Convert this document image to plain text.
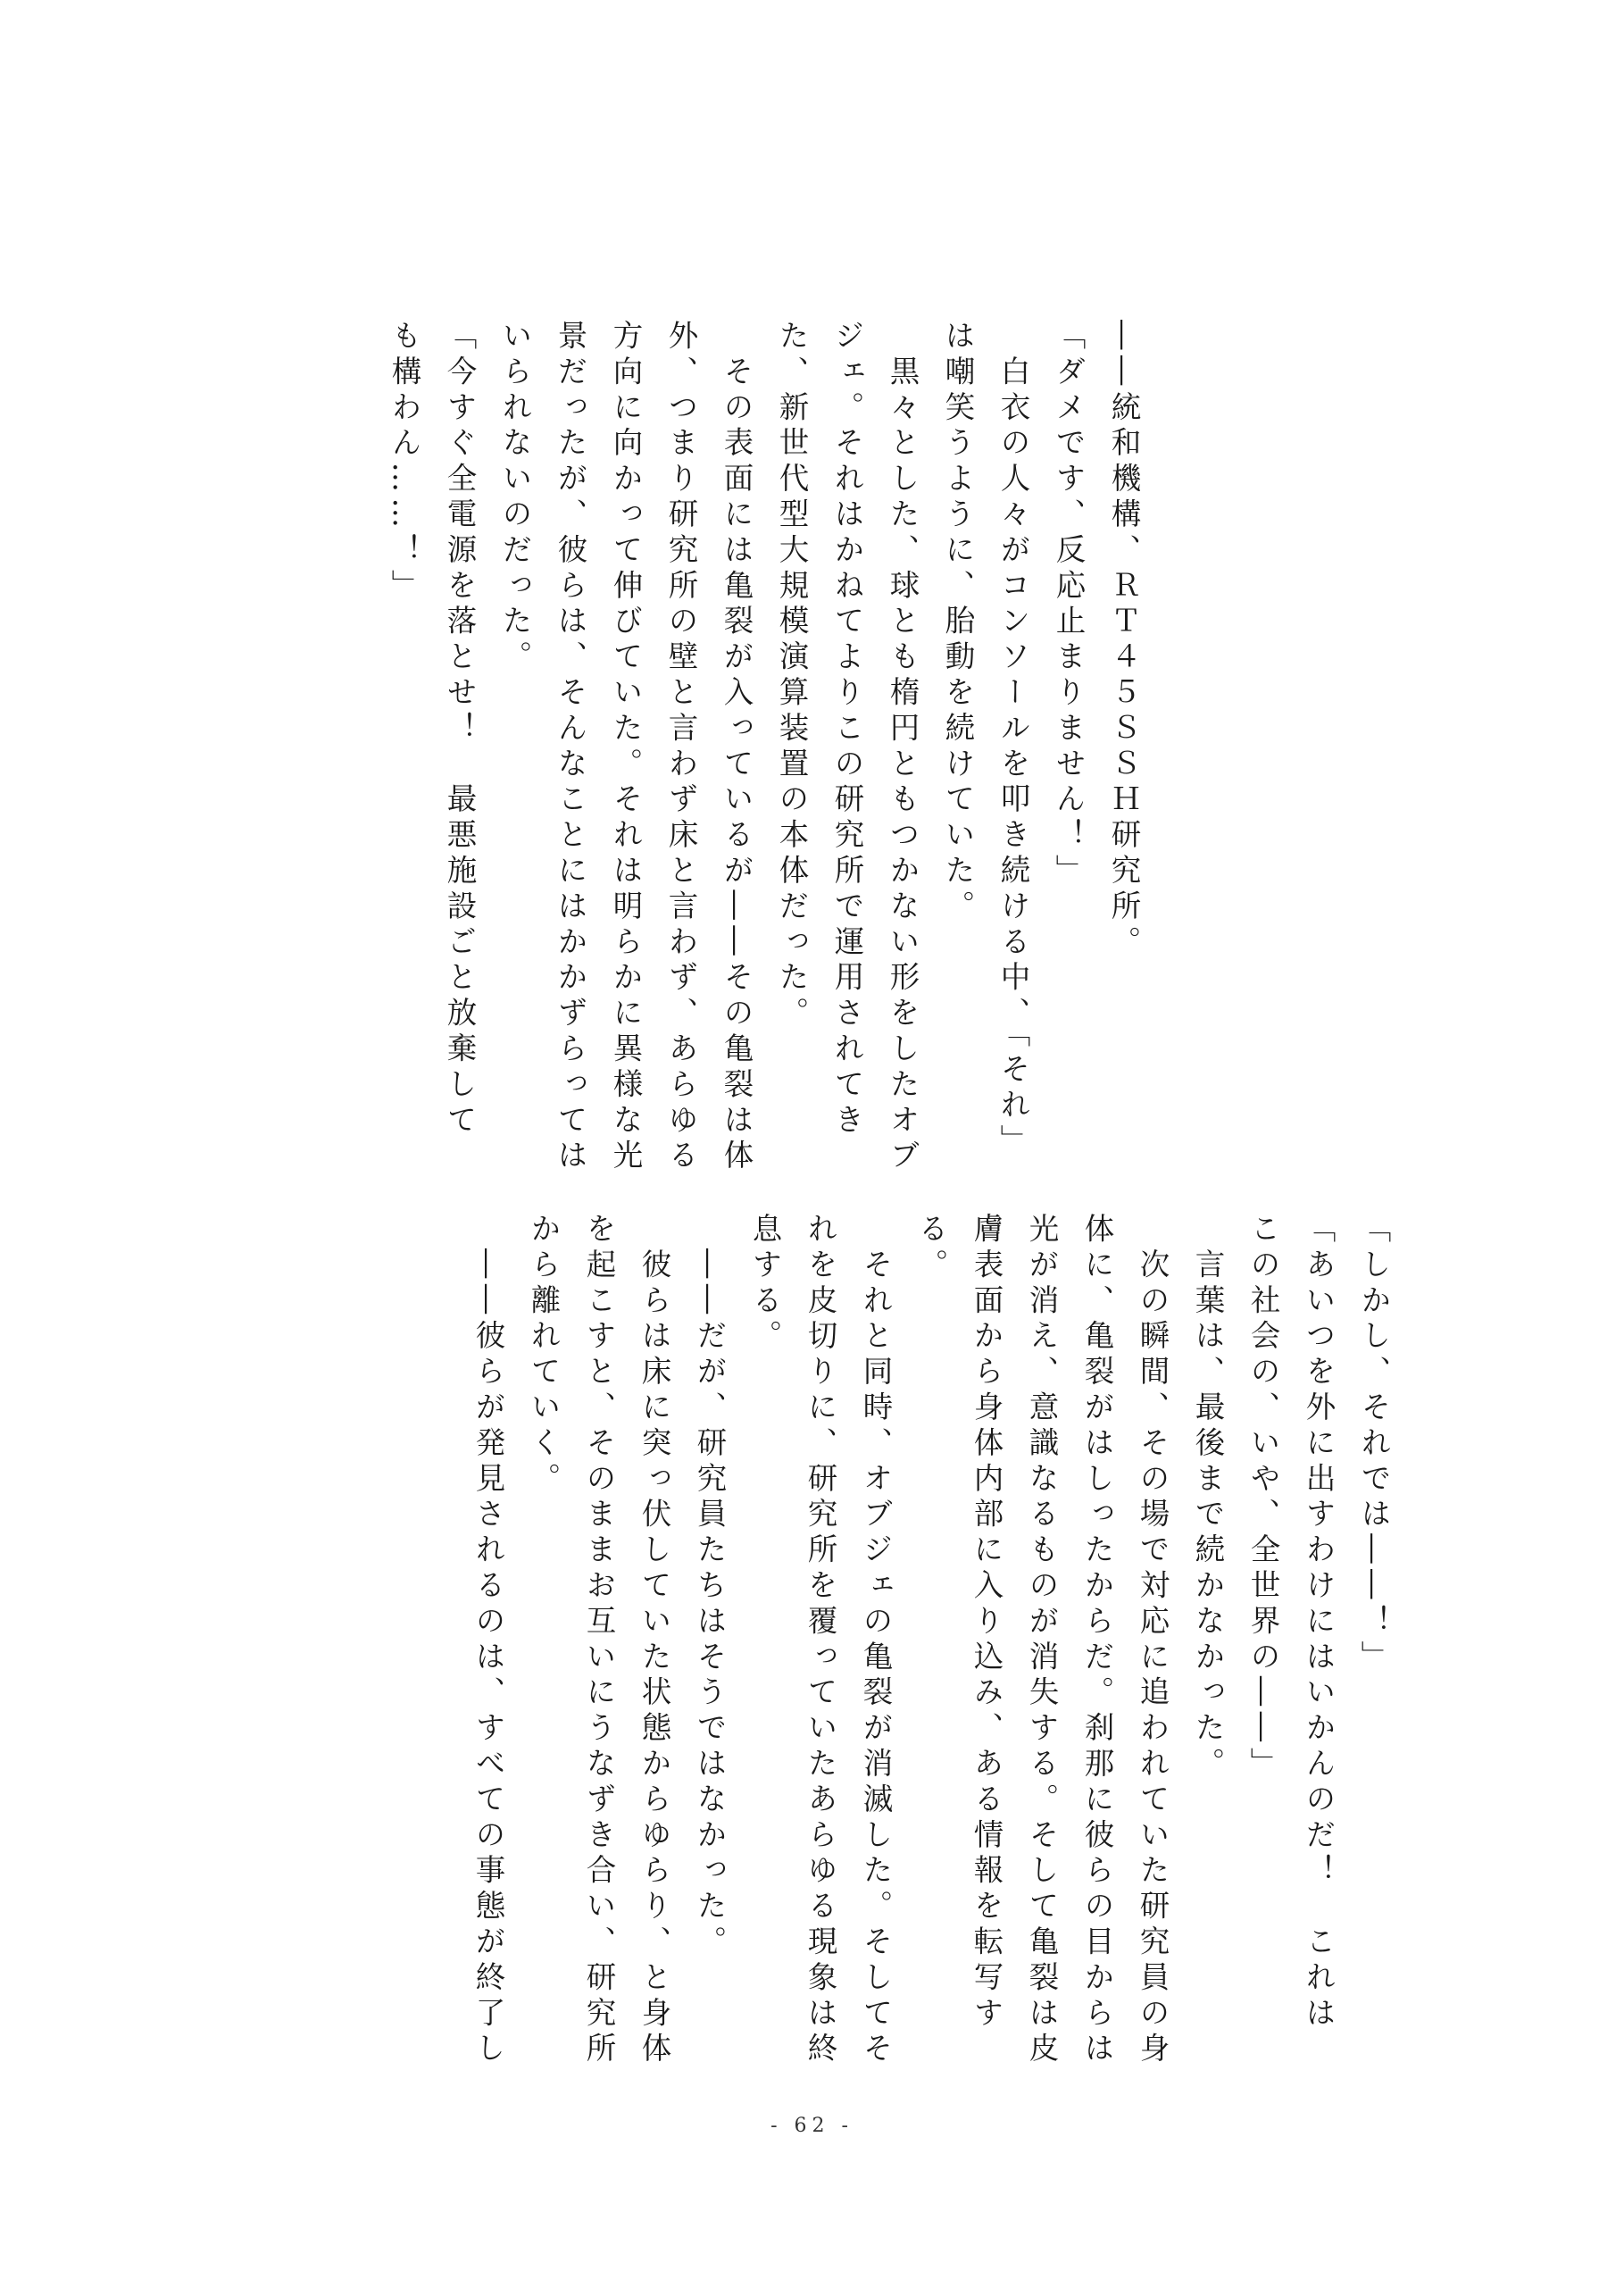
――統和機構、ＲＴ４５ＳＳＨ研究所。
「ダメです、反応止まりません！」
　白衣の人々がコンソールを叩き続ける中、「それ」
は嘲笑うように、胎動を続けていた。
　黒々とした、球とも楕円ともつかない形をしたオブ
ジェ。それはかねてよりこの研究所で運用されてき
た、新世代型大規模演算装置の本体だった。
　その表面には亀裂が入っているが――その亀裂は体
外、つまり研究所の壁と言わず床と言わず、あらゆる
方向に向かって伸びていた。それは明らかに異様な光
景だったが、彼らは、そんなことにはかかずらっては
いられないのだった。
「今すぐ全電源を落とせ！　最悪施設ごと放棄して
も構わん……！」
「しかし、それでは――！」
「あいつを外に出すわけにはいかんのだ！　これは
この社会の、いや、全世界の――」
　言葉は、最後まで続かなかった。
　次の瞬間、その場で対応に追われていた研究員の身
体に、亀裂がはしったからだ。刹那に彼らの目からは
光が消え、意識なるものが消失する。そして亀裂は皮
膚表面から身体内部に入り込み、ある情報を転写す
る。
　それと同時、オブジェの亀裂が消滅した。そしてそ
れを皮切りに、研究所を覆っていたあらゆる現象は終
息する。
　――だが、研究員たちはそうではなかった。
　彼らは床に突っ伏していた状態からゆらり、と身体
を起こすと、そのままお互いにうなずき合い、研究所
から離れていく。
　――彼らが発見されるのは、すべての事態が終了し
- 62 -
